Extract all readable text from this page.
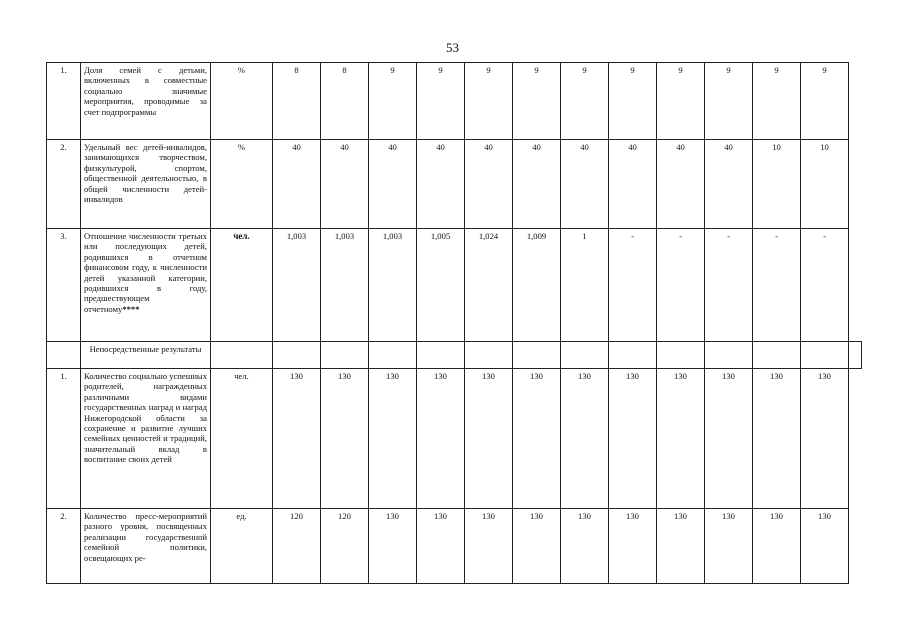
53
1.	Доля семей с детьми, включенных в совместные социально значимые мероприятия, проводимые за счет подпрограммы	%	8	8	9	9	9	9	9	9	9	9	9	9	
2.	Удельный вес детей-инвалидов, занимающихся творчеством, физкультурой, спортом, общественной деятельностью, в общей численности детей-инвалидов	%	40	40	40	40	40	40	40	40	40	40	10	10	
3.	Отношение численности третьих или последующих детей, родившихся в отчетном финансовом году, к численности детей указанной категории, родившихся в году, предшествующем отчетному****	чел.	1,003	1,003	1,003	1,005	1,024	1,009	1	-	-	-	-	-	
	Непосредственные результаты														
1.	Количество социально успешных родителей, награжденных различными видами государственных наград и наград Нижегородской области за сохранение и развитие лучших семейных ценностей и традиций, значительный вклад в воспитание своих детей	чел.	130	130	130	130	130	130	130	130	130	130	130	130	
2.	Количество пресс-мероприятий разного уровня, посвященных реализации государственной семейной политики, освещающих ре-	ед.	120	120	130	130	130	130	130	130	130	130	130	130	
